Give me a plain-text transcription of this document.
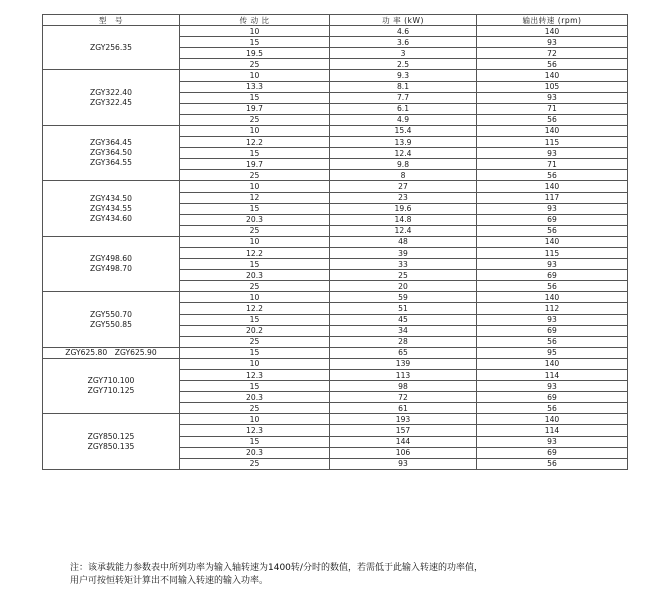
型　号	传 动 比	功 率 (kW)	输出转速 (rpm)

ZGY256.35	10	4.6	140
	15	3.6	93
	19.5	3	72
	25	2.5	56

ZGY322.40
ZGY322.45	10	9.3	140
	13.3	8.1	105
	15	7.7	93
	19.7	6.1	71
	25	4.9	56

ZGY364.45
ZGY364.50
ZGY364.55	10	15.4	140
	12.2	13.9	115
	15	12.4	93
	19.7	9.8	71
	25	8	56

ZGY434.50
ZGY434.55
ZGY434.60	10	27	140
	12	23	117
	15	19.6	93
	20.3	14.8	69
	25	12.4	56

ZGY498.60
ZGY498.70	10	48	140
	12.2	39	115
	15	33	93
	20.3	25	69
	25	20	56

ZGY550.70
ZGY550.85	10	59	140
	12.2	51	112
	15	45	93
	20.2	34	69
	25	28	56

ZGY625.80　ZGY625.90	15	65	95

ZGY710.100
ZGY710.125	10	139	140
	12.3	113	114
	15	98	93
	20.3	72	69
	25	61	56

ZGY850.125
ZGY850.135	10	193	140
	12.3	157	114
	15	144	93
	20.3	106	69
	25	93	56

注：该承载能力参数表中所列功率为输入轴转速为1400转/分时的数值，若需低于此输入转速的功率值，

用户可按恒转矩计算出不同输入转速的输入功率。
